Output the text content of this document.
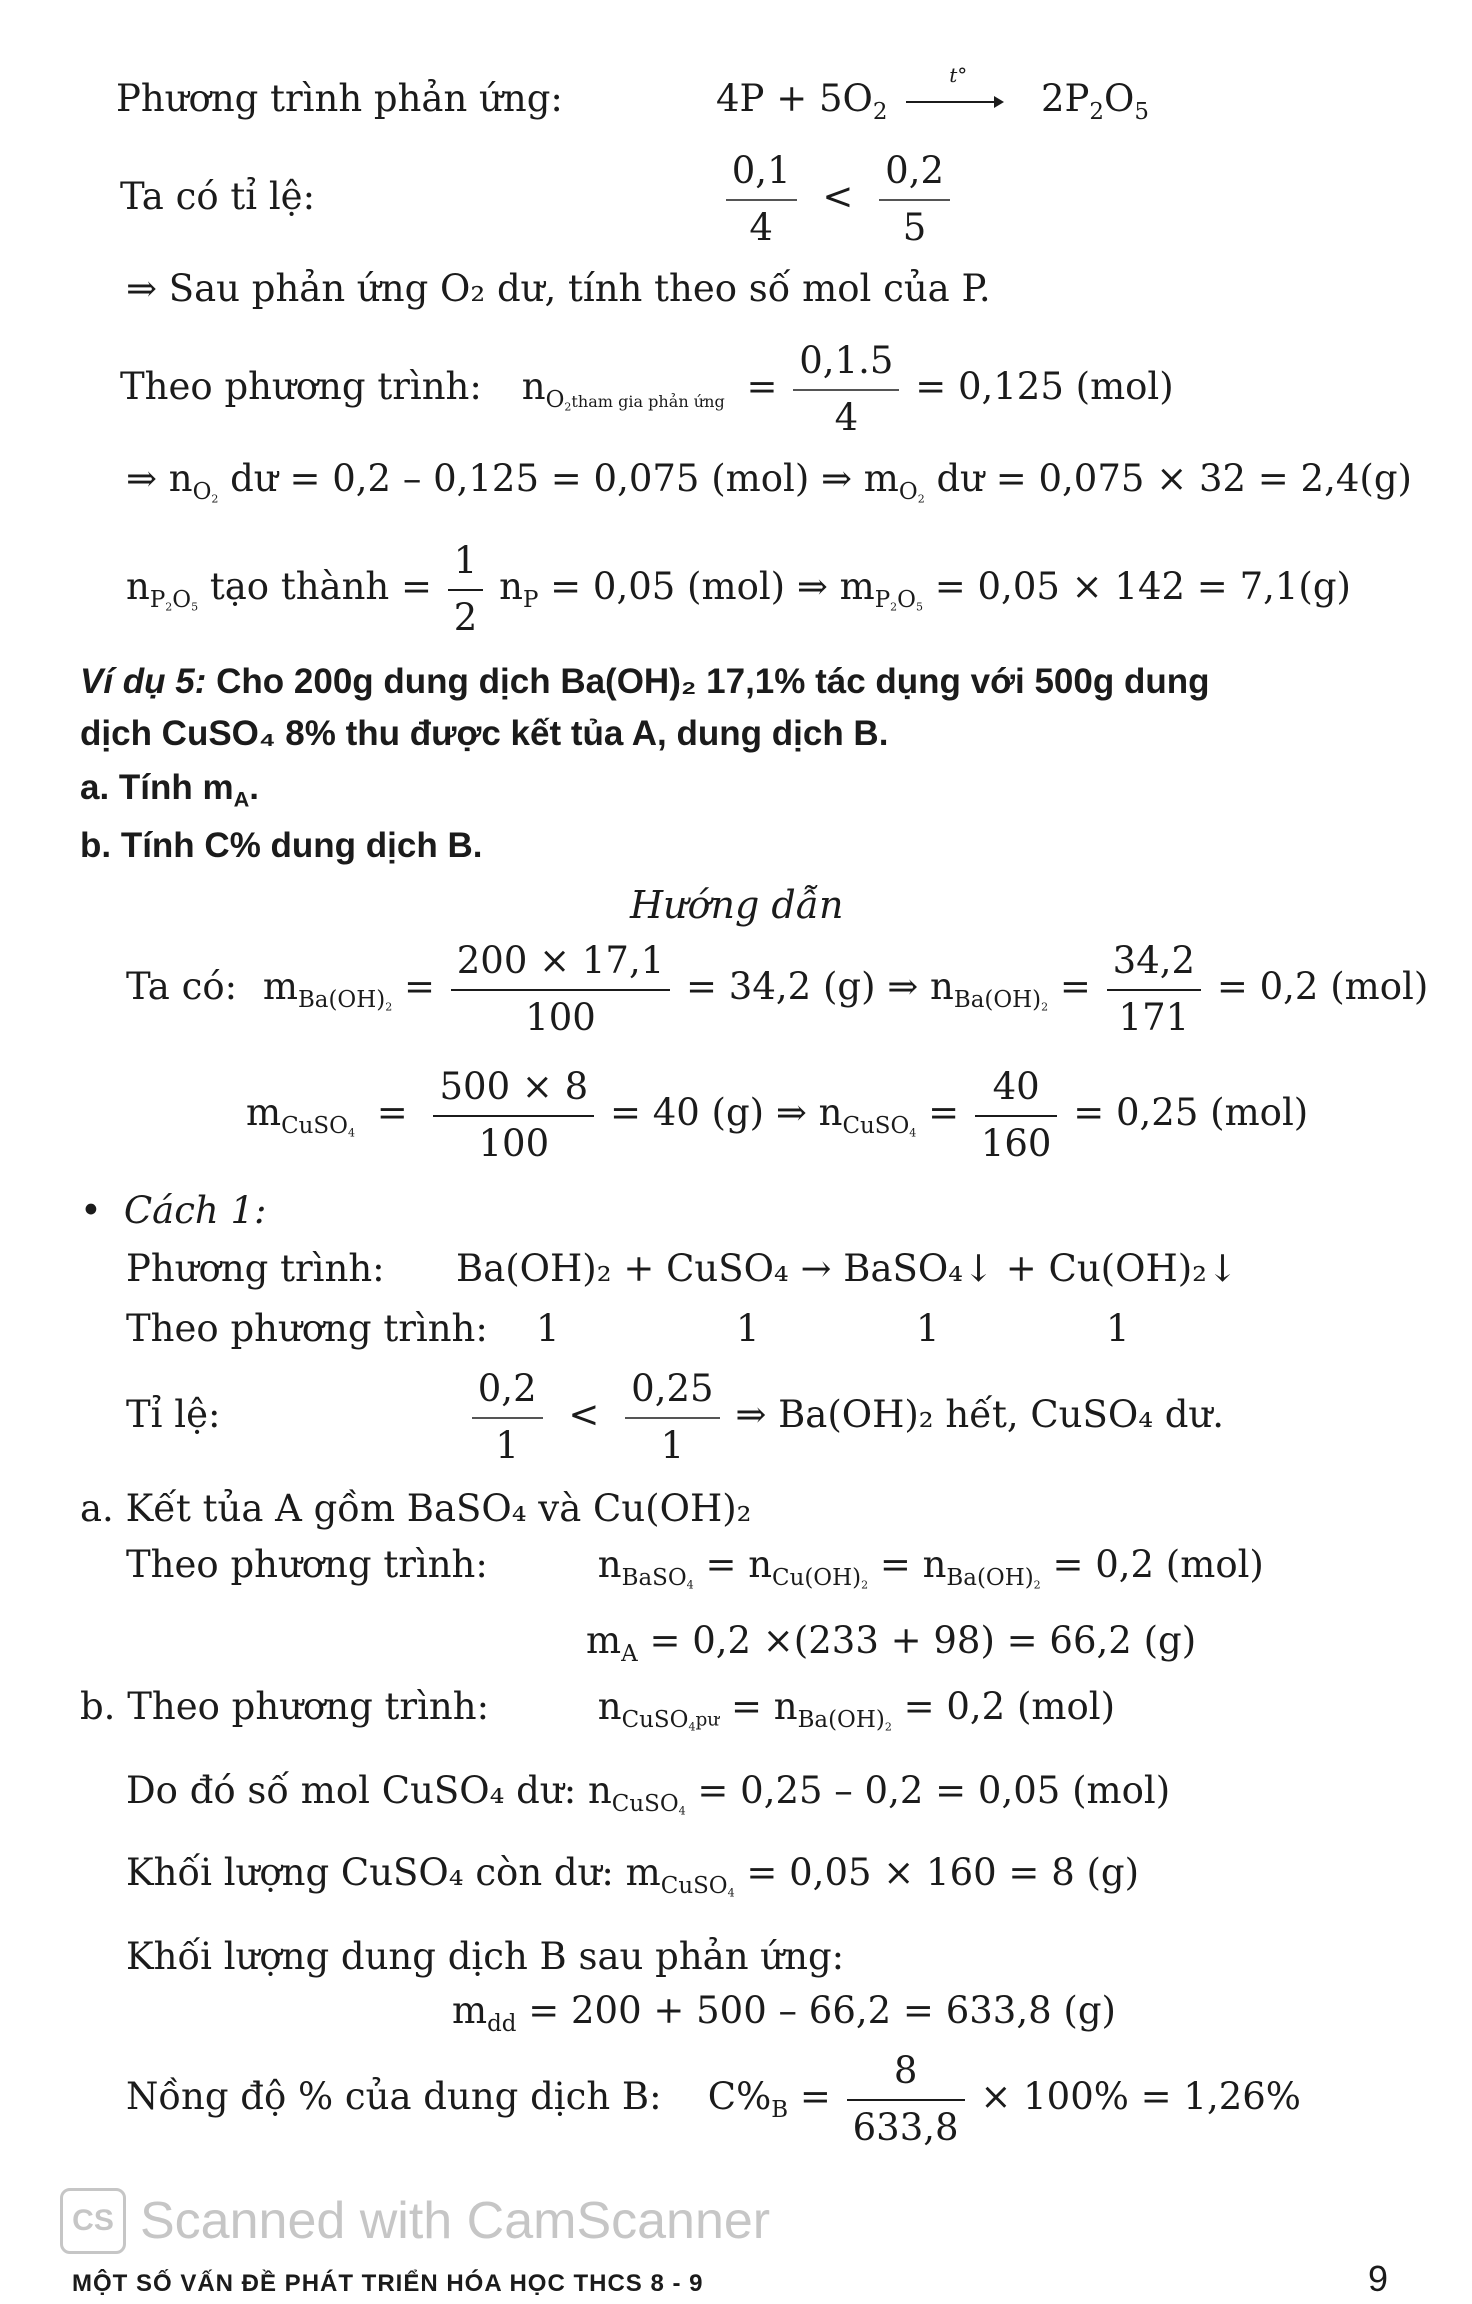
Phương trình phản ứng:	$4P + 5O_2$
t°
$2P_2O_5$
Ta có tỉ lệ:	$\frac{0,1}{4} < \frac{0,2}{5}$
⇒ Sau phản ứng O₂ dư, tính theo số mol của P.
Theo phương trình: $n_{O_2tham gia phản ứng} = \frac{0,1.5}{4} = 0,125$ (mol)
⇒ $n_{O_2}$ dư = 0,2 – 0,125 = 0,075 (mol) ⇒ $m_{O_2}$ dư = 0,075 × 32 = 2,4(g)
$n_{P_2O_5}$ tạo thành = $\frac{1}{2} n_P = 0,05$ (mol) ⇒ $m_{P_2O_5} = 0,05 \times 142 = 7,1(g)$
Ví dụ 5: Cho 200g dung dịch Ba(OH)₂ 17,1% tác dụng với 500g dung
dịch CuSO₄ 8% thu được kết tủa A, dung dịch B.
a. Tính $m_A$.
b. Tính C% dung dịch B.
Hướng dẫn
Ta có: $m_{Ba(OH)_2} = \frac{200 \times 17,1}{100} = 34,2$ (g) ⇒ $n_{Ba(OH)_2} = \frac{34,2}{171} = 0,2$ (mol)
$m_{CuSO_4} = \frac{500 \times 8}{100} = 40$ (g) ⇒ $n_{CuSO_4} = \frac{40}{160} = 0,25$ (mol)
• Cách 1:
Phương trình: Ba(OH)₂ + CuSO₄ → BaSO₄↓ + Cu(OH)₂↓
Theo phương trình: 1	1	1	1
Tỉ lệ:	$\frac{0,2}{1} < \frac{0,25}{1}$ ⇒ Ba(OH)₂ hết, CuSO₄ dư.
a. Kết tủa A gồm BaSO₄ và Cu(OH)₂
Theo phương trình:	$n_{BaSO_4} = n_{Cu(OH)_2} = n_{Ba(OH)_2} = 0,2$ (mol)
$m_A = 0,2 \times(233 + 98) = 66,2$ (g)
b. Theo phương trình:	$n_{CuSO_4pư} = n_{Ba(OH)_2} = 0,2$ (mol)
Do đó số mol CuSO₄ dư: $n_{CuSO_4} = 0,25 - 0,2 = 0,05$ (mol)
Khối lượng CuSO₄ còn dư: $m_{CuSO_4} = 0,05 \times 160 = 8$ (g)
Khối lượng dung dịch B sau phản ứng:
$m_{dd} = 200 + 500 - 66,2 = 633,8$ (g)
Nồng độ % của dung dịch B: $C\%_B = \frac{8}{633,8} \times 100\% = 1,26\%$
CS Scanned with CamScanner
MỘT SỐ VẤN ĐỀ PHÁT TRIỂN HÓA HỌC THCS 8 - 9	9
